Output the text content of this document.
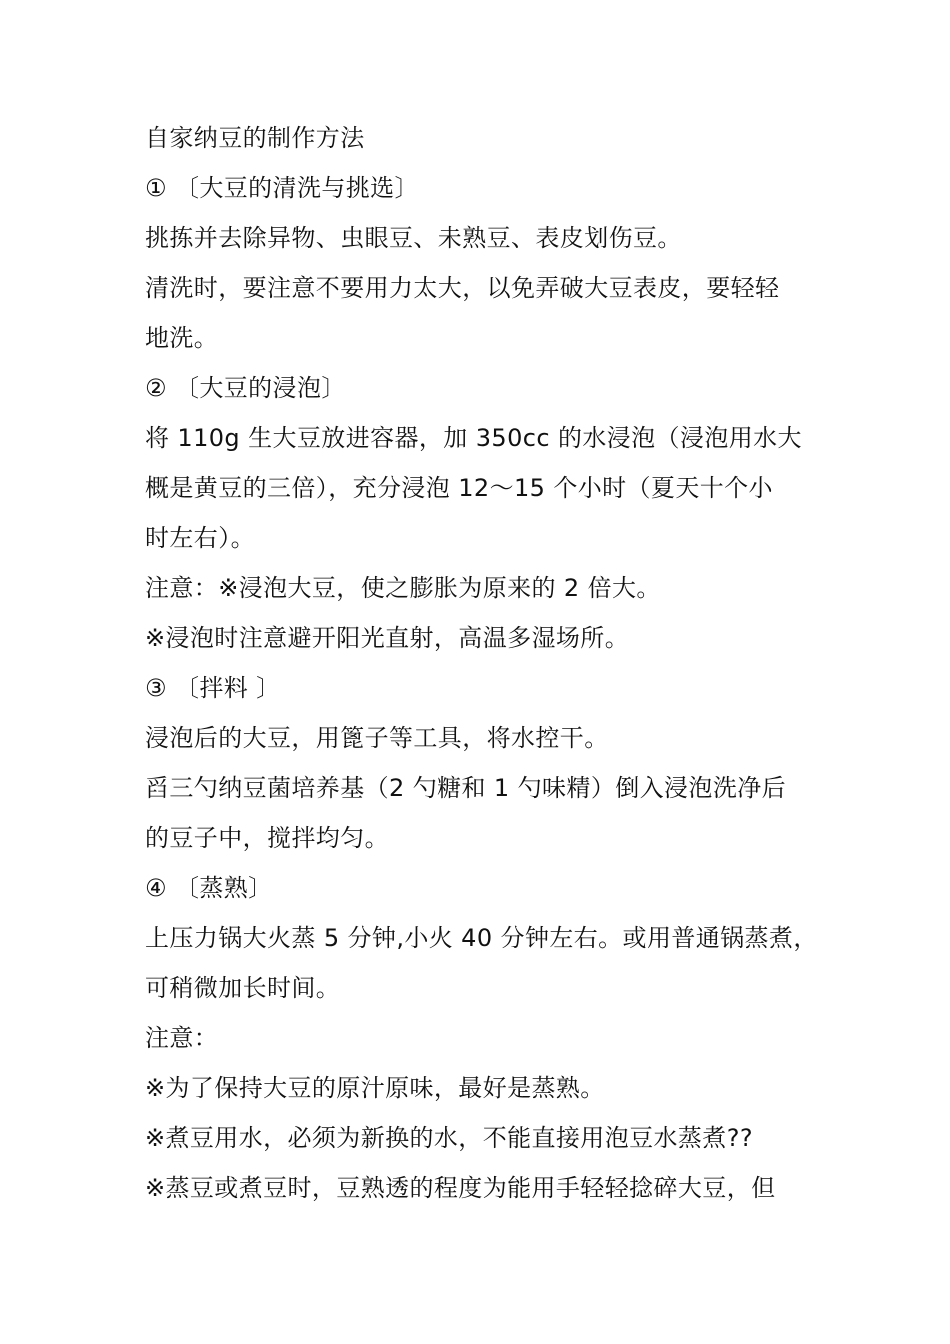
自家纳豆的制作方法
① 〔大豆的清洗与挑选〕
挑拣并去除异物、虫眼豆、未熟豆、表皮划伤豆。
清洗时，要注意不要用力太大，以免弄破大豆表皮，要轻轻
地洗。
② 〔大豆的浸泡〕
将 110g 生大豆放进容器，加 350cc 的水浸泡（浸泡用水大
概是黄豆的三倍），充分浸泡 12～15 个小时（夏天十个小
时左右）。
注意：※浸泡大豆，使之膨胀为原来的 2 倍大。
※浸泡时注意避开阳光直射，高温多湿场所。
③ 〔拌料 〕
浸泡后的大豆，用篦子等工具，将水控干。
舀三勺纳豆菌培养基（2 勺糖和 1 勺味精）倒入浸泡洗净后
的豆子中，搅拌均匀。
④ 〔蒸熟〕
上压力锅大火蒸 5 分钟,小火 40 分钟左右。或用普通锅蒸煮，
可稍微加长时间。
注意：
※为了保持大豆的原汁原味，最好是蒸熟。
※煮豆用水，必须为新换的水，不能直接用泡豆水蒸煮??
※蒸豆或煮豆时，豆熟透的程度为能用手轻轻捻碎大豆，但
